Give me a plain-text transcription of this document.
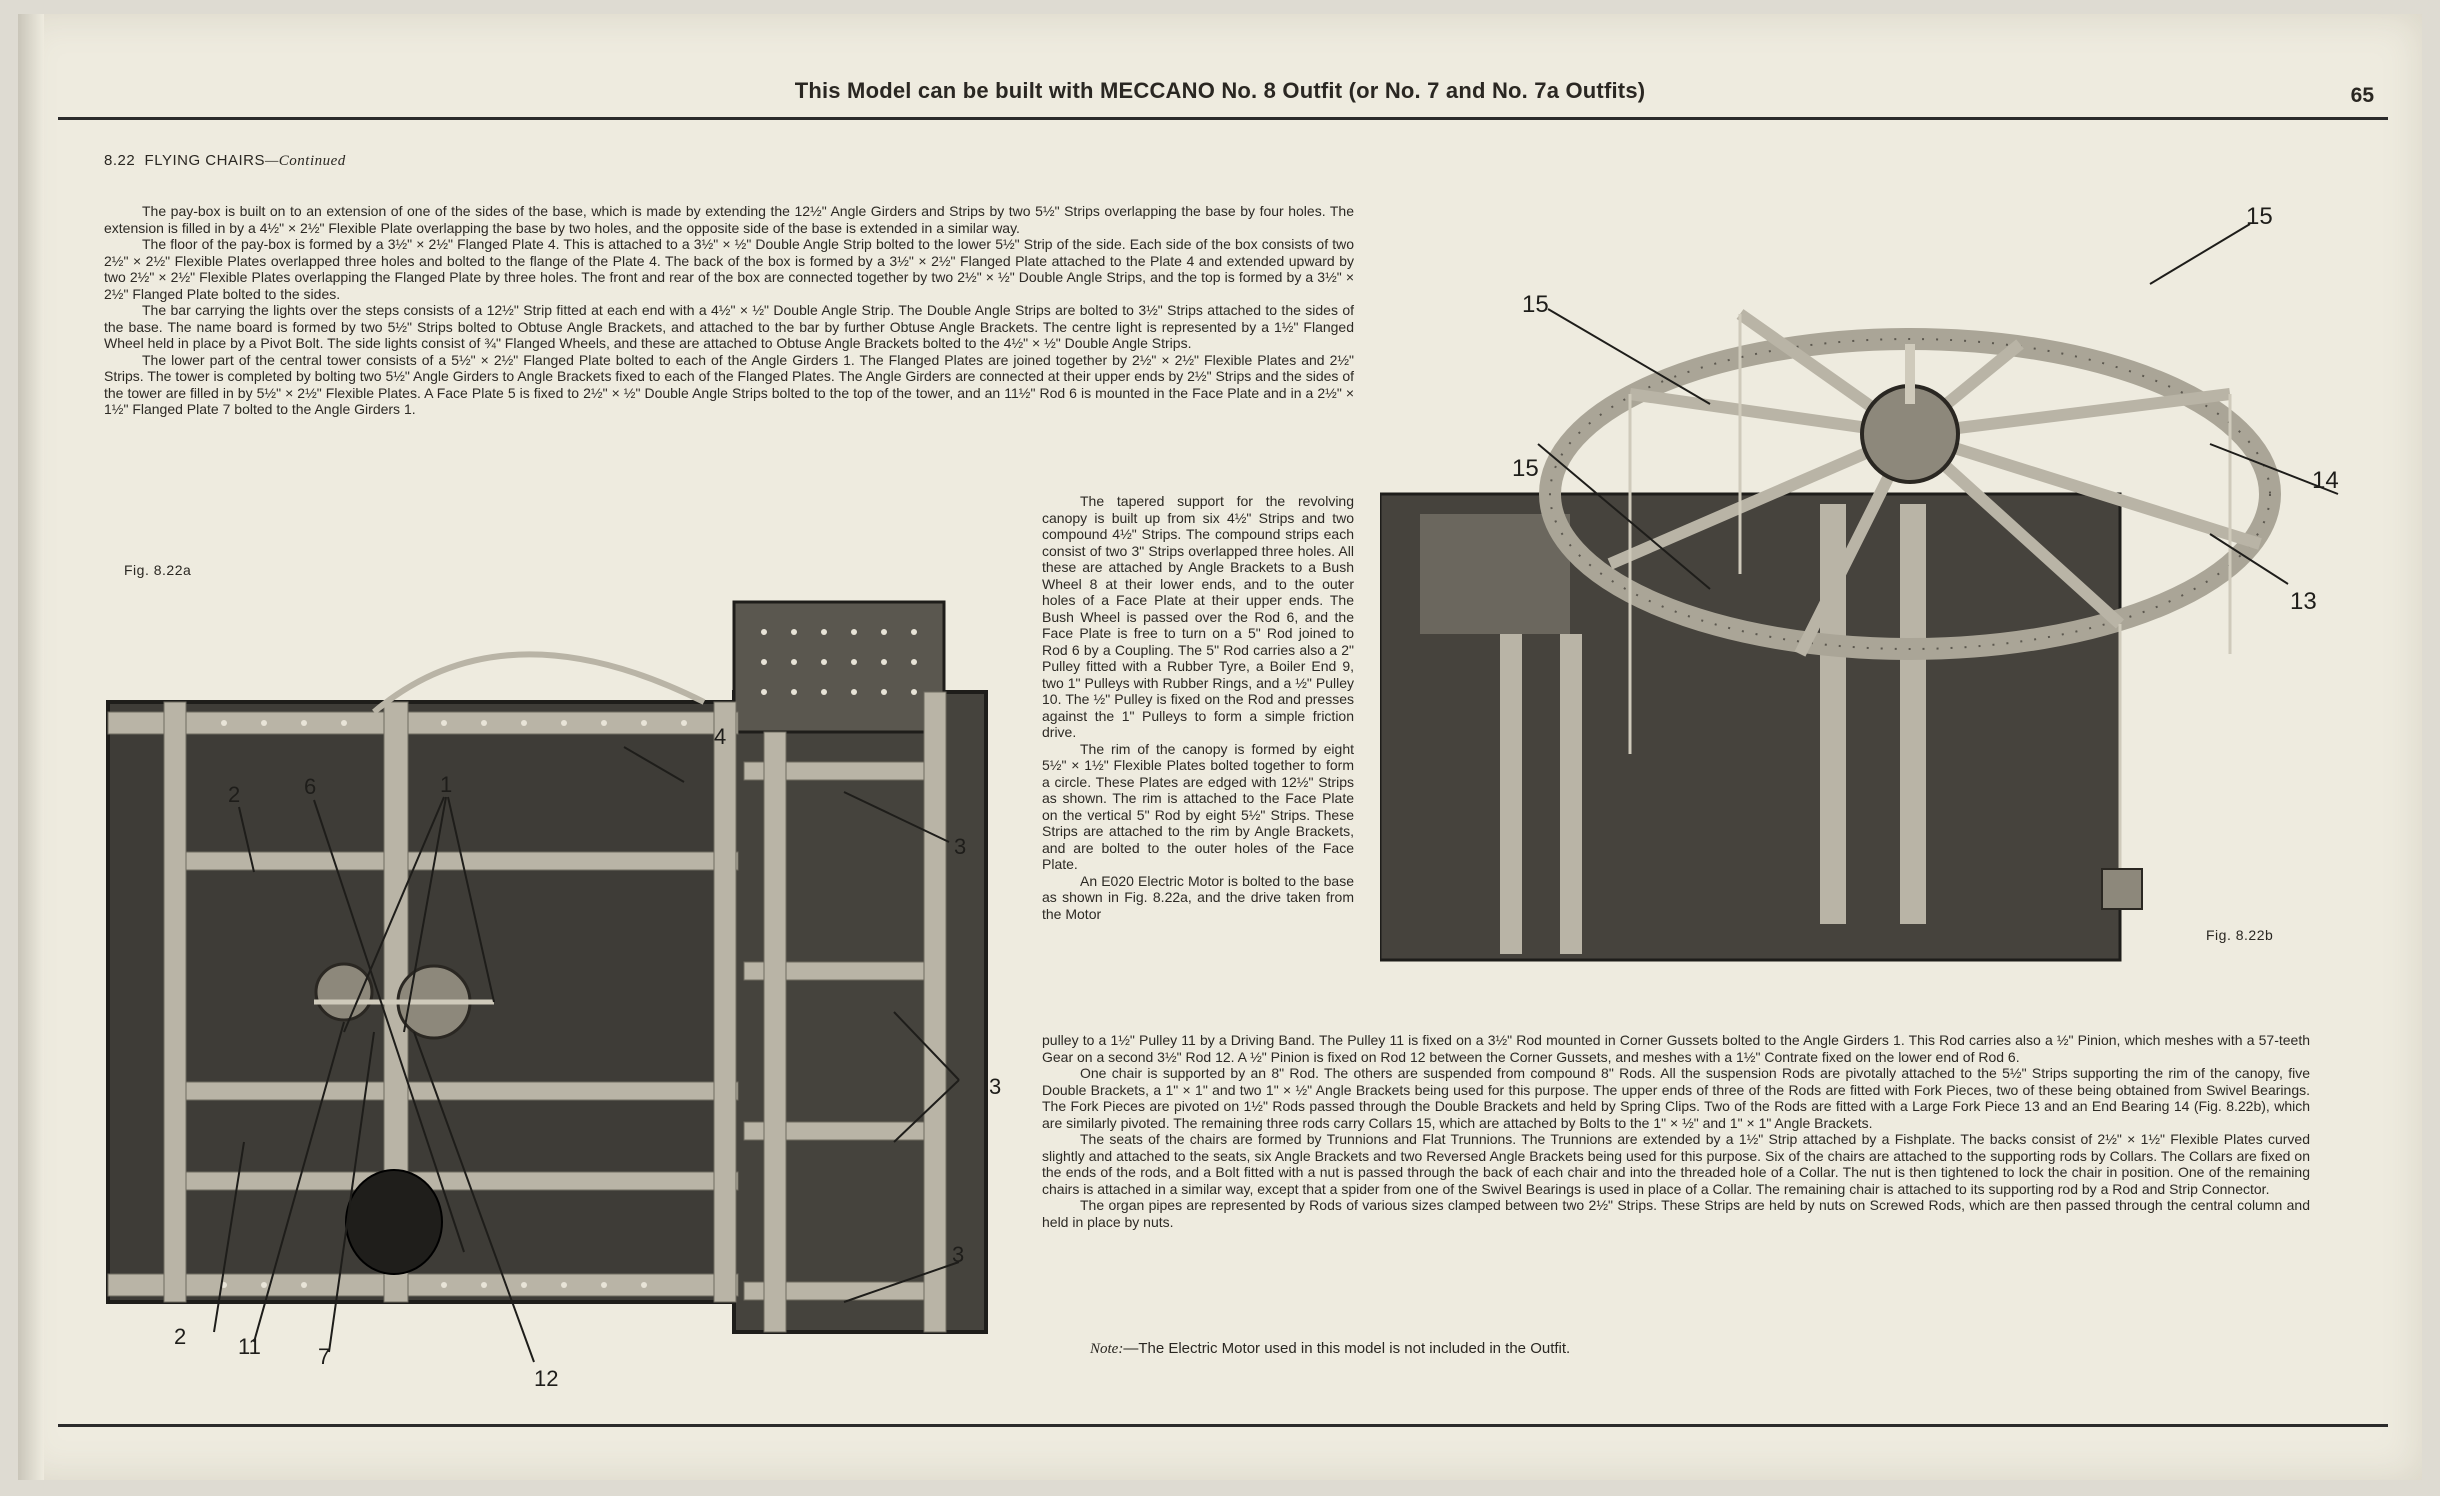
This Model can be built with MECCANO No. 8 Outfit (or No. 7 and No. 7a Outfits)	65
8.22 FLYING CHAIRS—Continued

The pay-box is built on to an extension of one of the sides of the base, which is made by extending the 12½" Angle Girders and Strips by two 5½" Strips overlapping the base by four holes. The extension is filled in by a 4½" × 2½" Flexible Plate overlapping the base by two holes, and the opposite side of the base is extended in a similar way.

The floor of the pay-box is formed by a 3½" × 2½" Flanged Plate 4. This is attached to a 3½" × ½" Double Angle Strip bolted to the lower 5½" Strip of the side. Each side of the box consists of two 2½" × 2½" Flexible Plates overlapped three holes and bolted to the flange of the Plate 4. The back of the box is formed by a 3½" × 2½" Flanged Plate attached to the Plate 4 and extended upward by two 2½" × 2½" Flexible Plates overlapping the Flanged Plate by three holes. The front and rear of the box are connected together by two 2½" × ½" Double Angle Strips, and the top is formed by a 3½" × 2½" Flanged Plate bolted to the sides.

The bar carrying the lights over the steps consists of a 12½" Strip fitted at each end with a 4½" × ½" Double Angle Strip. The Double Angle Strips are bolted to 3½" Strips attached to the sides of the base. The name board is formed by two 5½" Strips bolted to Obtuse Angle Brackets, and attached to the bar by further Obtuse Angle Brackets. The centre light is represented by a 1½" Flanged Wheel held in place by a Pivot Bolt. The side lights consist of ¾" Flanged Wheels, and these are attached to Obtuse Angle Brackets bolted to the 4½" × ½" Double Angle Strips.

The lower part of the central tower consists of a 5½" × 2½" Flanged Plate bolted to each of the Angle Girders 1. The Flanged Plates are joined together by 2½" × 2½" Flexible Plates and 2½" Strips. The tower is completed by bolting two 5½" Angle Girders to Angle Brackets fixed to each of the Flanged Plates. The Angle Girders are connected at their upper ends by 2½" Strips and the sides of the tower are filled in by 5½" × 2½" Flexible Plates. A Face Plate 5 is fixed to 2½" × ½" Double Angle Strips bolted to the top of the tower, and an 11½" Rod 6 is mounted in the Face Plate and in a 2½" × 1½" Flanged Plate 7 bolted to the Angle Girders 1.

The tapered support for the revolving canopy is built up from six 4½" Strips and two compound 4½" Strips. The compound strips each consist of two 3" Strips overlapped three holes. All these are attached by Angle Brackets to a Bush Wheel 8 at their lower ends, and to the outer holes of a Face Plate at their upper ends. The Bush Wheel is passed over the Rod 6, and the Face Plate is free to turn on a 5" Rod joined to Rod 6 by a Coupling. The 5" Rod carries also a 2" Pulley fitted with a Rubber Tyre, a Boiler End 9, two 1" Pulleys with Rubber Rings, and a ½" Pulley 10. The ½" Pulley is fixed on the Rod and presses against the 1" Pulleys to form a simple friction drive.

The rim of the canopy is formed by eight 5½" × 1½" Flexible Plates bolted together to form a circle. These Plates are edged with 12½" Strips as shown. The rim is attached to the Face Plate on the vertical 5" Rod by eight 5½" Strips. These Strips are attached to the rim by Angle Brackets, and are bolted to the outer holes of the Face Plate.

An E020 Electric Motor is bolted to the base as shown in Fig. 8.22a, and the drive taken from the Motor

pulley to a 1½" Pulley 11 by a Driving Band. The Pulley 11 is fixed on a 3½" Rod mounted in Corner Gussets bolted to the Angle Girders 1. This Rod carries also a ½" Pinion, which meshes with a 57-teeth Gear on a second 3½" Rod 12. A ½" Pinion is fixed on Rod 12 between the Corner Gussets, and meshes with a 1½" Contrate fixed on the lower end of Rod 6.

One chair is supported by an 8" Rod. The others are suspended from compound 8" Rods. All the suspension Rods are pivotally attached to the 5½" Strips supporting the rim of the canopy, five Double Brackets, a 1" × 1" and two 1" × ½" Angle Brackets being used for this purpose. The upper ends of three of the Rods are fitted with Fork Pieces, two of these being obtained from Swivel Bearings. The Fork Pieces are pivoted on 1½" Rods passed through the Double Brackets and held by Spring Clips. Two of the Rods are fitted with a Large Fork Piece 13 and an End Bearing 14 (Fig. 8.22b), which are similarly pivoted. The remaining three rods carry Collars 15, which are attached by Bolts to the 1" × ½" and 1" × 1" Angle Brackets.

The seats of the chairs are formed by Trunnions and Flat Trunnions. The Trunnions are extended by a 1½" Strip attached by a Fishplate. The backs consist of 2½" × 1½" Flexible Plates curved slightly and attached to the seats, six Angle Brackets and two Reversed Angle Brackets being used for this purpose. Six of the chairs are attached to the supporting rods by Collars. The Collars are fixed on the ends of the rods, and a Bolt fitted with a nut is passed through the back of each chair and into the threaded hole of a Collar. The nut is then tightened to lock the chair in position. One of the remaining chairs is attached in a similar way, except that a spider from one of the Swivel Bearings is used in place of a Collar. The remaining chair is attached to its supporting rod by a Rod and Strip Connector.

The organ pipes are represented by Rods of various sizes clamped between two 2½" Strips. These Strips are held by nuts on Screwed Rods, which are then passed through the central column and held in place by nuts.

Note:—The Electric Motor used in this model is not included in the Outfit.
Fig. 8.22a
2	6	1
4
3
3
3
2 11	7
12
Fig. 8.22b
15
15
15	14
13
